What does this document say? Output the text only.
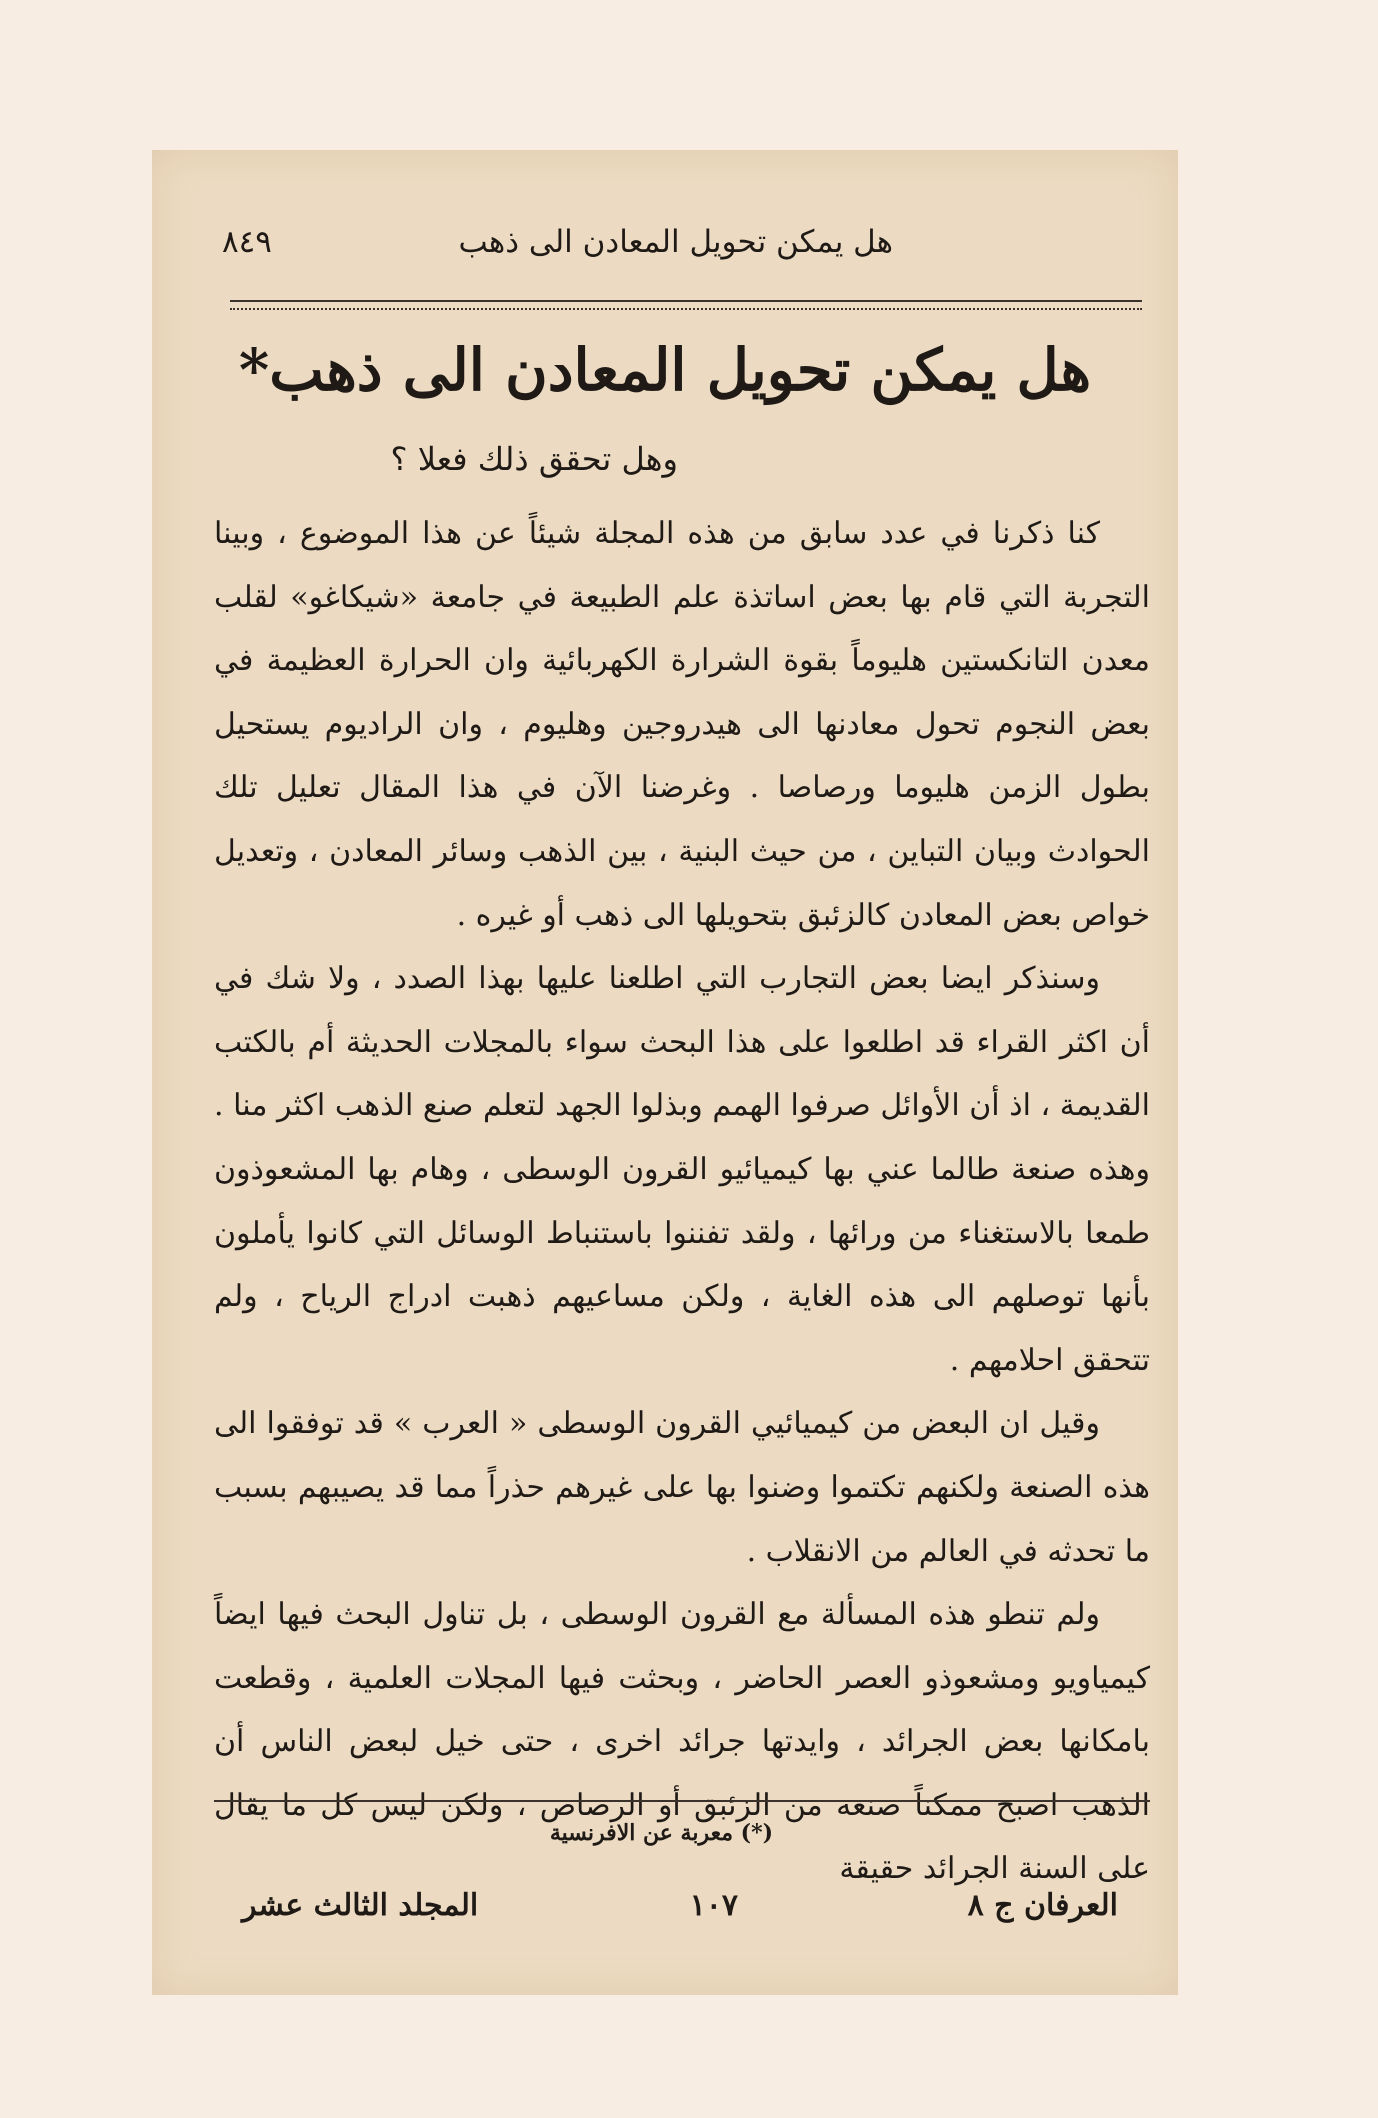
هل يمكن تحويل المعادن الى ذهب
٨٤٩
هل يمكن تحويل المعادن الى ذهب*
وهل تحقق ذلك فعلا ؟

كنا ذكرنا في عدد سابق من هذه المجلة شيئاً عن هذا الموضوع ، وبينا التجربة التي قام بها بعض اساتذة علم الطبيعة في جامعة «شيكاغو» لقلب معدن التانكستين هليوماً بقوة الشرارة الكهربائية وان الحرارة العظيمة في بعض النجوم تحول معادنها الى هيدروجين وهليوم ، وان الراديوم يستحيل بطول الزمن هليوما ورصاصا . وغرضنا الآن في هذا المقال تعليل تلك الحوادث وبيان التباين ، من حيث البنية ، بين الذهب وسائر المعادن ، وتعديل خواص بعض المعادن كالزئبق بتحويلها الى ذهب أو غيره .

وسنذكر ايضا بعض التجارب التي اطلعنا عليها بهذا الصدد ، ولا شك في أن اكثر القراء قد اطلعوا على هذا البحث سواء بالمجلات الحديثة أم بالكتب القديمة ، اذ أن الأوائل صرفوا الهمم وبذلوا الجهد لتعلم صنع الذهب اكثر منا . وهذه صنعة طالما عني بها كيميائيو القرون الوسطى ، وهام بها المشعوذون طمعا بالاستغناء من ورائها ، ولقد تفننوا باستنباط الوسائل التي كانوا يأملون بأنها توصلهم الى هذه الغاية ، ولكن مساعيهم ذهبت ادراج الرياح ، ولم تتحقق احلامهم .

وقيل ان البعض من كيميائيي القرون الوسطى « العرب » قد توفقوا الى هذه الصنعة ولكنهم تكتموا وضنوا بها على غيرهم حذراً مما قد يصيبهم بسبب ما تحدثه في العالم من الانقلاب .

ولم تنطو هذه المسألة مع القرون الوسطى ، بل تناول البحث فيها ايضاً كيمياويو ومشعوذو العصر الحاضر ، وبحثت فيها المجلات العلمية ، وقطعت بامكانها بعض الجرائد ، وايدتها جرائد اخرى ، حتى خيل لبعض الناس أن الذهب اصبح ممكناً صنعه من الزئبق أو الرصاص ، ولكن ليس كل ما يقال على السنة الجرائد حقيقة

(*) معربة عن الافرنسية
العرفان ج ٨
١٠٧
المجلد الثالث عشر
